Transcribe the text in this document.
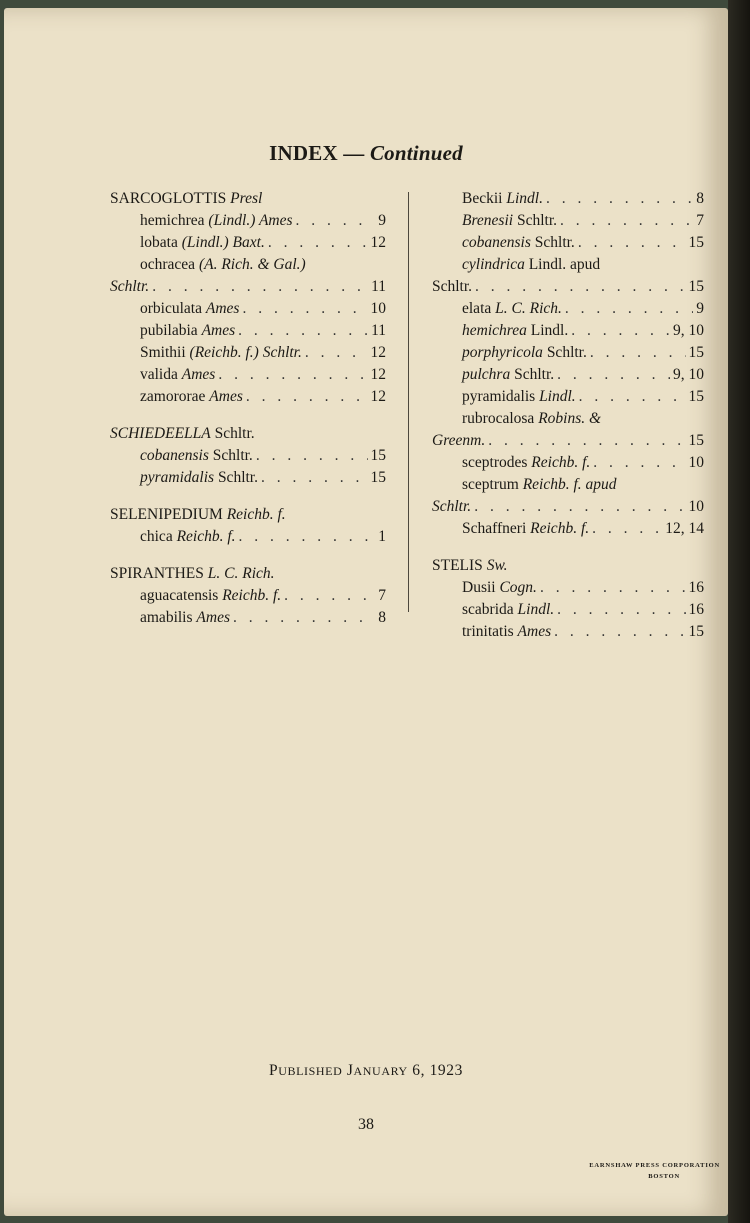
INDEX — Continued
SARCOGLOTTIS Presl
hemichrea (Lindl.) Ames . . .	9
lobata (Lindl.) Baxt. . . .	12
ochracea (A. Rich. & Gal.)
Schltr. . . .	11
orbiculata Ames . . .	10
pubilabia Ames . . .	11
Smithii (Reichb. f.) Schltr. . . .	12
valida Ames . . .	12
zamororae Ames . . .	12
SCHIEDEELLA Schltr.
cobanensis Schltr. . . .	15
pyramidalis Schltr. . . .	15
SELENIPEDIUM Reichb. f.
chica Reichb. f. . . .	1
SPIRANTHES L. C. Rich.
aguacatensis Reichb. f. . . .	7
amabilis Ames . . .	8
Beckii Lindl. . . .	8
Brenesii Schltr. . . .	7
cobanensis Schltr. . . .	15
cylindrica Lindl. apud
Schltr. . . .	15
elata L. C. Rich. . . .	9
hemichrea Lindl. . . .	9, 10
porphyricola Schltr. . . .	15
pulchra Schltr. . . .	9, 10
pyramidalis Lindl. . . .	15
rubrocalosa Robins. &
Greenm. . . .	15
sceptrodes Reichb. f. . . .	10
sceptrum Reichb. f. apud
Schltr. . . .	10
Schaffneri Reichb. f. . . .	12, 14
STELIS Sw.
Dusii Cogn. . . .	16
scabrida Lindl. . . .	16
trinitatis Ames . . .	15
PUBLISHED JANUARY 6, 1923
38
EARNSHAW PRESS CORPORATION
BOSTON
